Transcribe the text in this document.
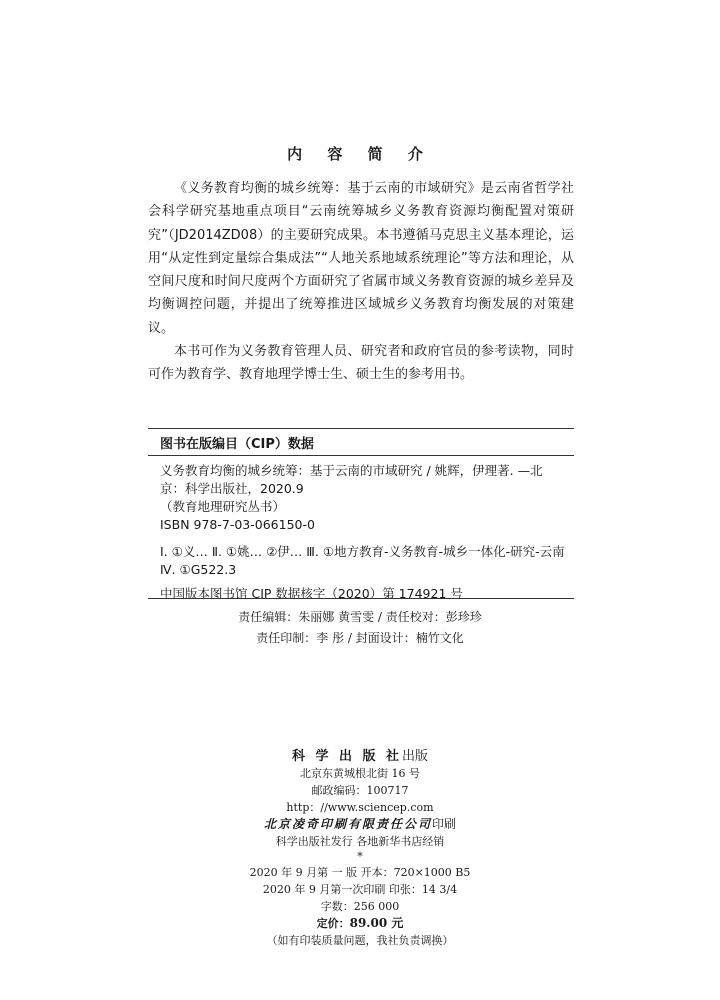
内 容 简 介

《义务教育均衡的城乡统筹：基于云南的市域研究》是云南省哲学社会科学研究基地重点项目“云南统筹城乡义务教育资源均衡配置对策研究”（JD2014ZD08）的主要研究成果。本书遵循马克思主义基本理论，运用“从定性到定量综合集成法”“人地关系地域系统理论”等方法和理论，从空间尺度和时间尺度两个方面研究了省属市域义务教育资源的城乡差异及均衡调控问题，并提出了统筹推进区域城乡义务教育均衡发展的对策建议。

本书可作为义务教育管理人员、研究者和政府官员的参考读物，同时可作为教育学、教育地理学博士生、硕士生的参考用书。

图书在版编目（CIP）数据
义务教育均衡的城乡统筹：基于云南的市域研究 / 姚辉，伊理著. —北
京：科学出版社，2020.9
（教育地理研究丛书）
ISBN 978-7-03-066150-0
Ⅰ. ①义… Ⅱ. ①姚… ②伊… Ⅲ. ①地方教育-义务教育-城乡一体化-研究-云南 Ⅳ. ①G522.3
中国版本图书馆 CIP 数据核字（2020）第 174921 号
责任编辑：朱丽娜 黄雪雯 / 责任校对：彭珍珍
责任印制：李 彤 / 封面设计：楠竹文化
科 学 出 版 社出版
北京东黄城根北街 16 号
邮政编码：100717
http：//www.sciencep.com
北京凌奇印刷有限责任公司印刷
科学出版社发行 各地新华书店经销
*
2020 年 9 月第 一 版 开本：720×1000 B5
2020 年 9 月第一次印刷 印张：14 3/4
字数：256 000
定价：89.00 元
（如有印装质量问题，我社负责调换）
